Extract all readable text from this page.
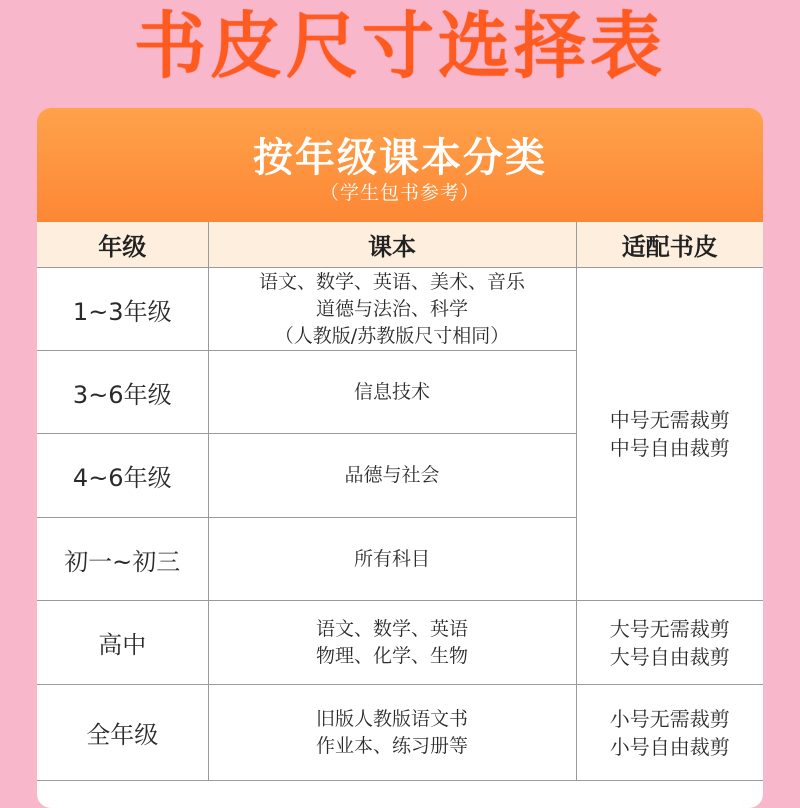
书皮尺寸选择表
按年级课本分类
（学生包书参考）
年级	课本	适配书皮
1~3年级	语文、数学、英语、美术、音乐
道德与法治、科学
（人教版/苏教版尺寸相同）	中号无需裁剪
中号自由裁剪

3~6年级	信息技术	

4~6年级	品德与社会	

初一~初三	所有科目	

高中	语文、数学、英语
物理、化学、生物	大号无需裁剪
大号自由裁剪

全年级	旧版人教版语文书
作业本、练习册等	小号无需裁剪
小号自由裁剪
